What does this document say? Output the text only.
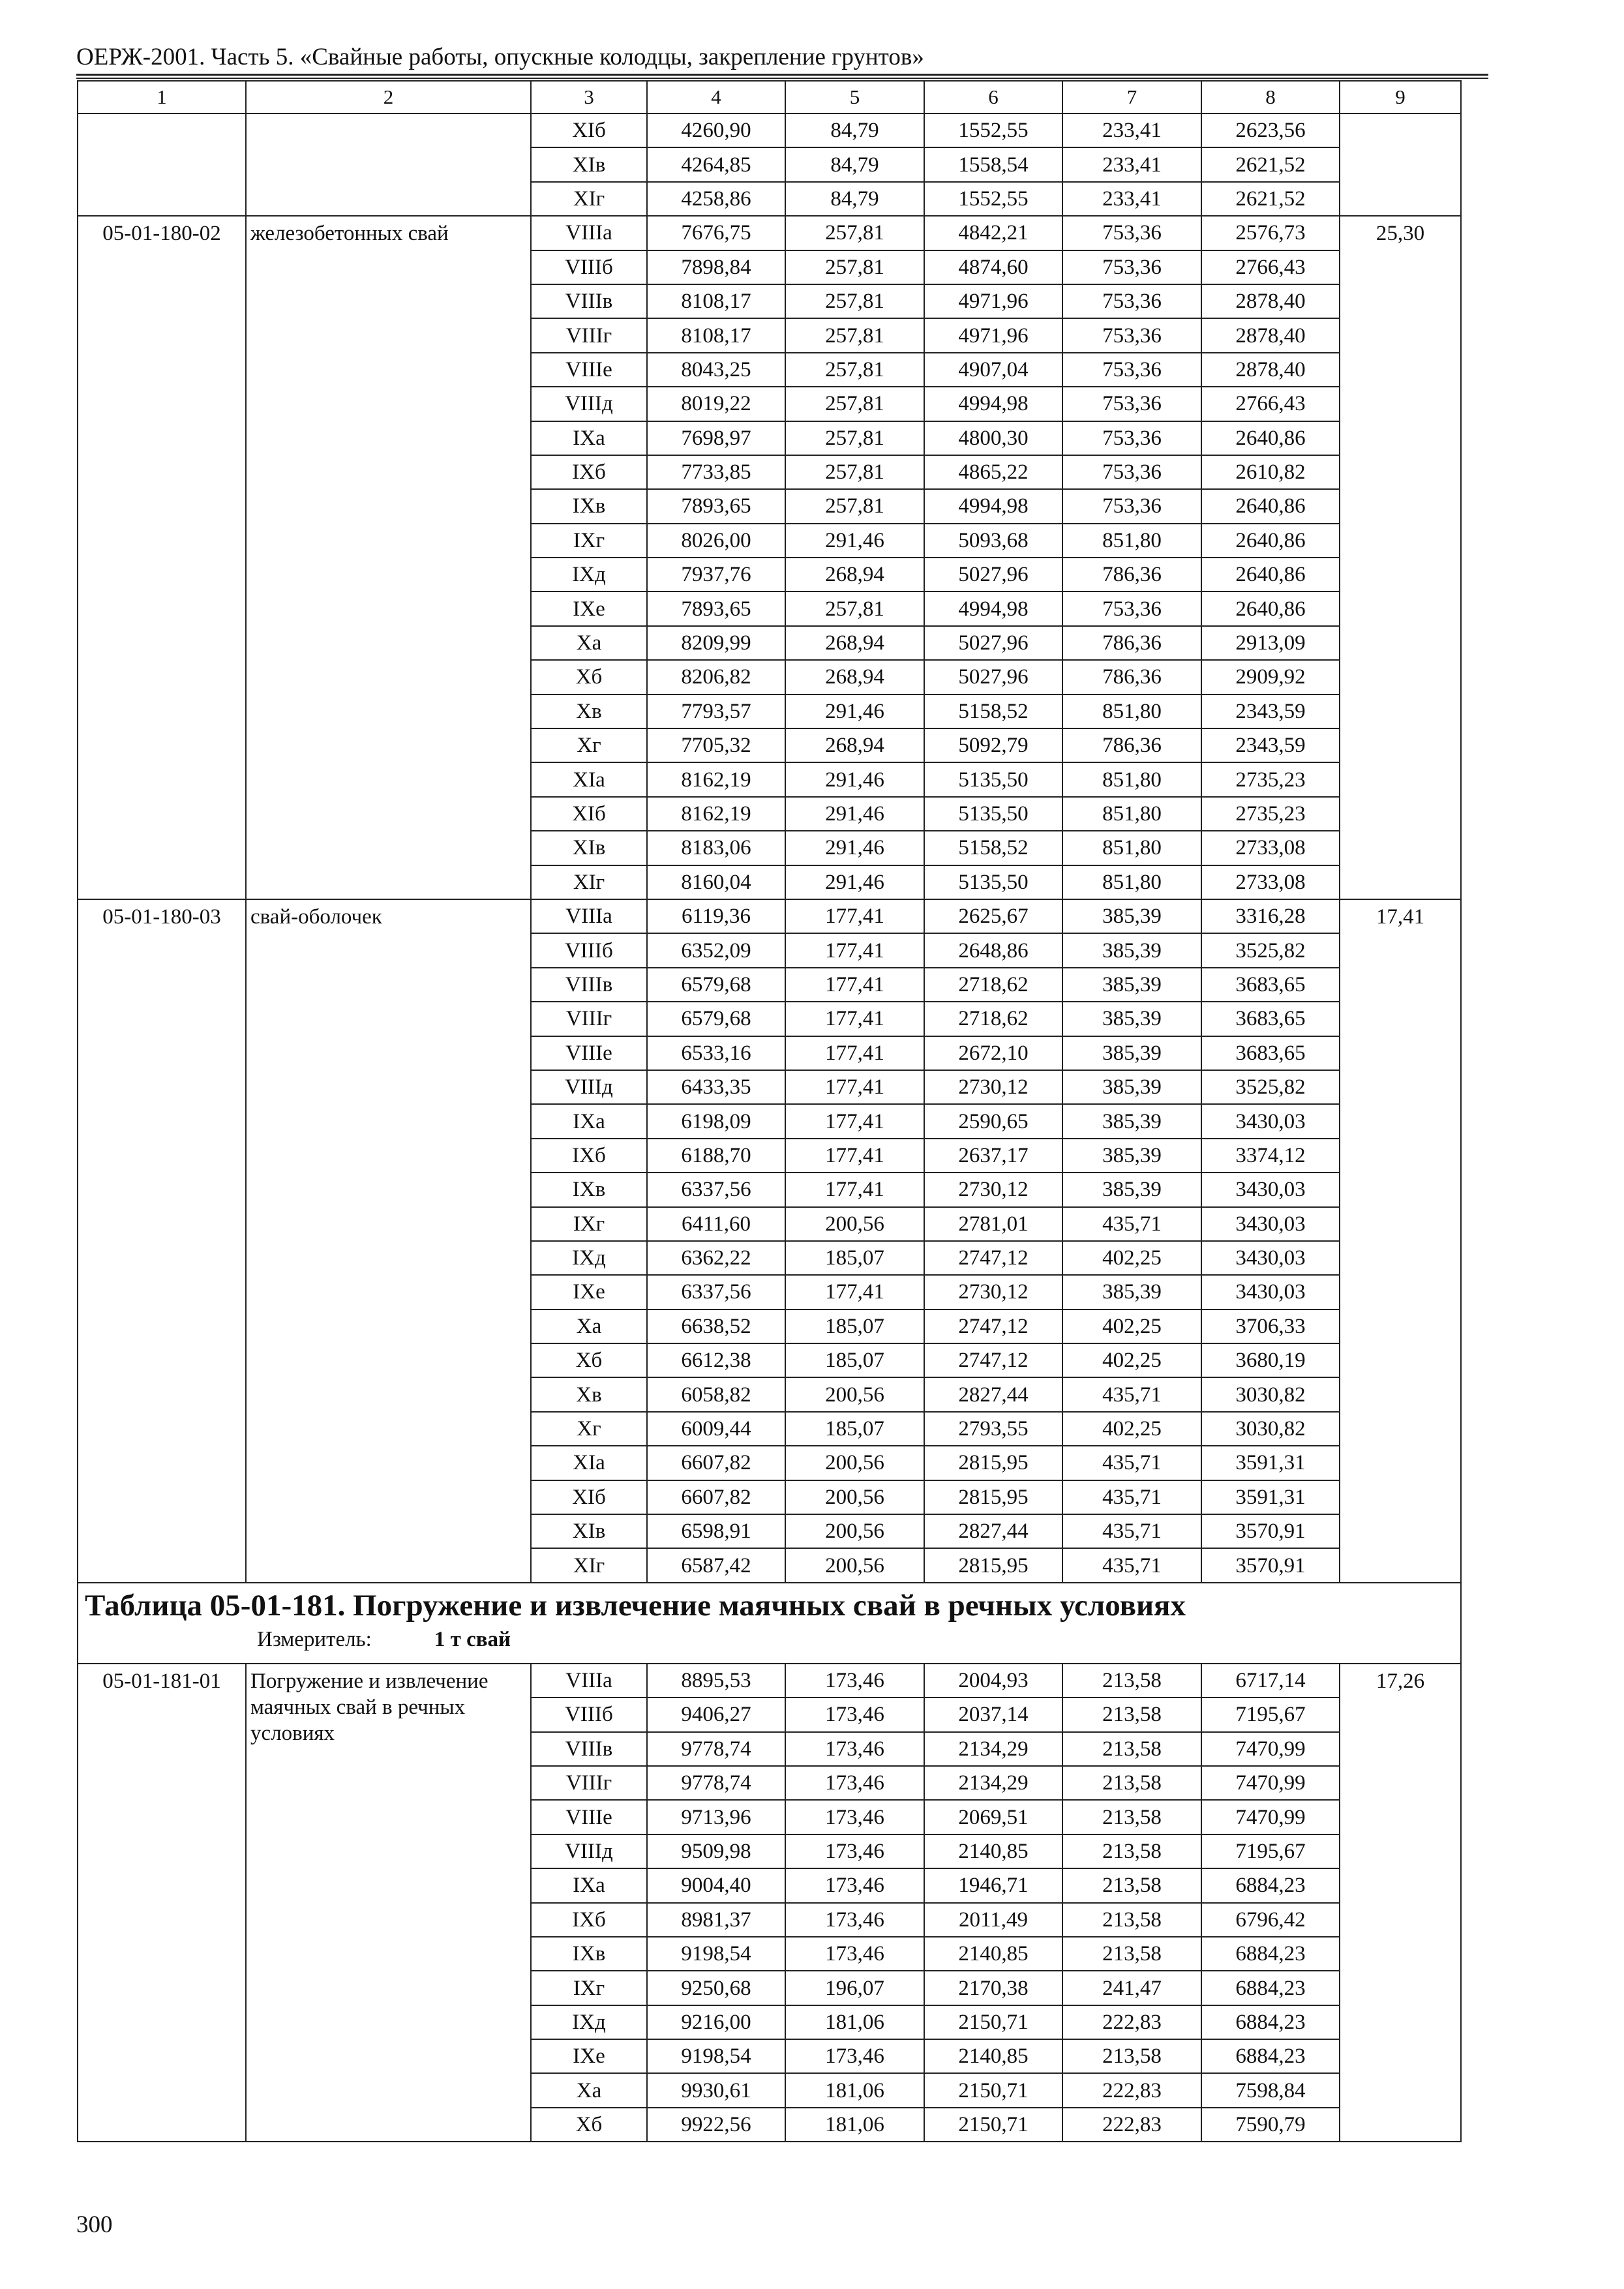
ОЕРЖ-2001. Часть 5. «Свайные работы, опускные колодцы, закрепление грунтов»
1	2	3	4	5	6	7	8	9
		XIб	4260,90	84,79	1552,55	233,41	2623,56	
		XIв	4264,85	84,79	1558,54	233,41	2621,52	
		XIг	4258,86	84,79	1552,55	233,41	2621,52	
05-01-180-02	железобетонных свай	VIIIа	7676,75	257,81	4842,21	753,36	2576,73	25,30
		VIIIб	7898,84	257,81	4874,60	753,36	2766,43	
		VIIIв	8108,17	257,81	4971,96	753,36	2878,40	
		VIIIг	8108,17	257,81	4971,96	753,36	2878,40	
		VIIIе	8043,25	257,81	4907,04	753,36	2878,40	
		VIIIд	8019,22	257,81	4994,98	753,36	2766,43	
		IXа	7698,97	257,81	4800,30	753,36	2640,86	
		IXб	7733,85	257,81	4865,22	753,36	2610,82	
		IXв	7893,65	257,81	4994,98	753,36	2640,86	
		IXг	8026,00	291,46	5093,68	851,80	2640,86	
		IXд	7937,76	268,94	5027,96	786,36	2640,86	
		IXе	7893,65	257,81	4994,98	753,36	2640,86	
		Xа	8209,99	268,94	5027,96	786,36	2913,09	
		Xб	8206,82	268,94	5027,96	786,36	2909,92	
		Xв	7793,57	291,46	5158,52	851,80	2343,59	
		Xг	7705,32	268,94	5092,79	786,36	2343,59	
		XIа	8162,19	291,46	5135,50	851,80	2735,23	
		XIб	8162,19	291,46	5135,50	851,80	2735,23	
		XIв	8183,06	291,46	5158,52	851,80	2733,08	
		XIг	8160,04	291,46	5135,50	851,80	2733,08	
05-01-180-03	свай-оболочек	VIIIа	6119,36	177,41	2625,67	385,39	3316,28	17,41
		VIIIб	6352,09	177,41	2648,86	385,39	3525,82	
		VIIIв	6579,68	177,41	2718,62	385,39	3683,65	
		VIIIг	6579,68	177,41	2718,62	385,39	3683,65	
		VIIIе	6533,16	177,41	2672,10	385,39	3683,65	
		VIIIд	6433,35	177,41	2730,12	385,39	3525,82	
		IXа	6198,09	177,41	2590,65	385,39	3430,03	
		IXб	6188,70	177,41	2637,17	385,39	3374,12	
		IXв	6337,56	177,41	2730,12	385,39	3430,03	
		IXг	6411,60	200,56	2781,01	435,71	3430,03	
		IXд	6362,22	185,07	2747,12	402,25	3430,03	
		IXе	6337,56	177,41	2730,12	385,39	3430,03	
		Xа	6638,52	185,07	2747,12	402,25	3706,33	
		Xб	6612,38	185,07	2747,12	402,25	3680,19	
		Xв	6058,82	200,56	2827,44	435,71	3030,82	
		Xг	6009,44	185,07	2793,55	402,25	3030,82	
		XIа	6607,82	200,56	2815,95	435,71	3591,31	
		XIб	6607,82	200,56	2815,95	435,71	3591,31	
		XIв	6598,91	200,56	2827,44	435,71	3570,91	
		XIг	6587,42	200,56	2815,95	435,71	3570,91	

Таблица 05-01-181. Погружение и извлечение маячных свай в речных условиях
Измеритель: 1 т свай								

05-01-181-01	Погружение и извлечение маячных свай в речных условиях	VIIIа	8895,53	173,46	2004,93	213,58	6717,14	17,26
		VIIIб	9406,27	173,46	2037,14	213,58	7195,67	
		VIIIв	9778,74	173,46	2134,29	213,58	7470,99	
		VIIIг	9778,74	173,46	2134,29	213,58	7470,99	
		VIIIе	9713,96	173,46	2069,51	213,58	7470,99	
		VIIIд	9509,98	173,46	2140,85	213,58	7195,67	
		IXа	9004,40	173,46	1946,71	213,58	6884,23	
		IXб	8981,37	173,46	2011,49	213,58	6796,42	
		IXв	9198,54	173,46	2140,85	213,58	6884,23	
		IXг	9250,68	196,07	2170,38	241,47	6884,23	
		IXд	9216,00	181,06	2150,71	222,83	6884,23	
		IXе	9198,54	173,46	2140,85	213,58	6884,23	
		Xа	9930,61	181,06	2150,71	222,83	7598,84	
		Xб	9922,56	181,06	2150,71	222,83	7590,79	
300
